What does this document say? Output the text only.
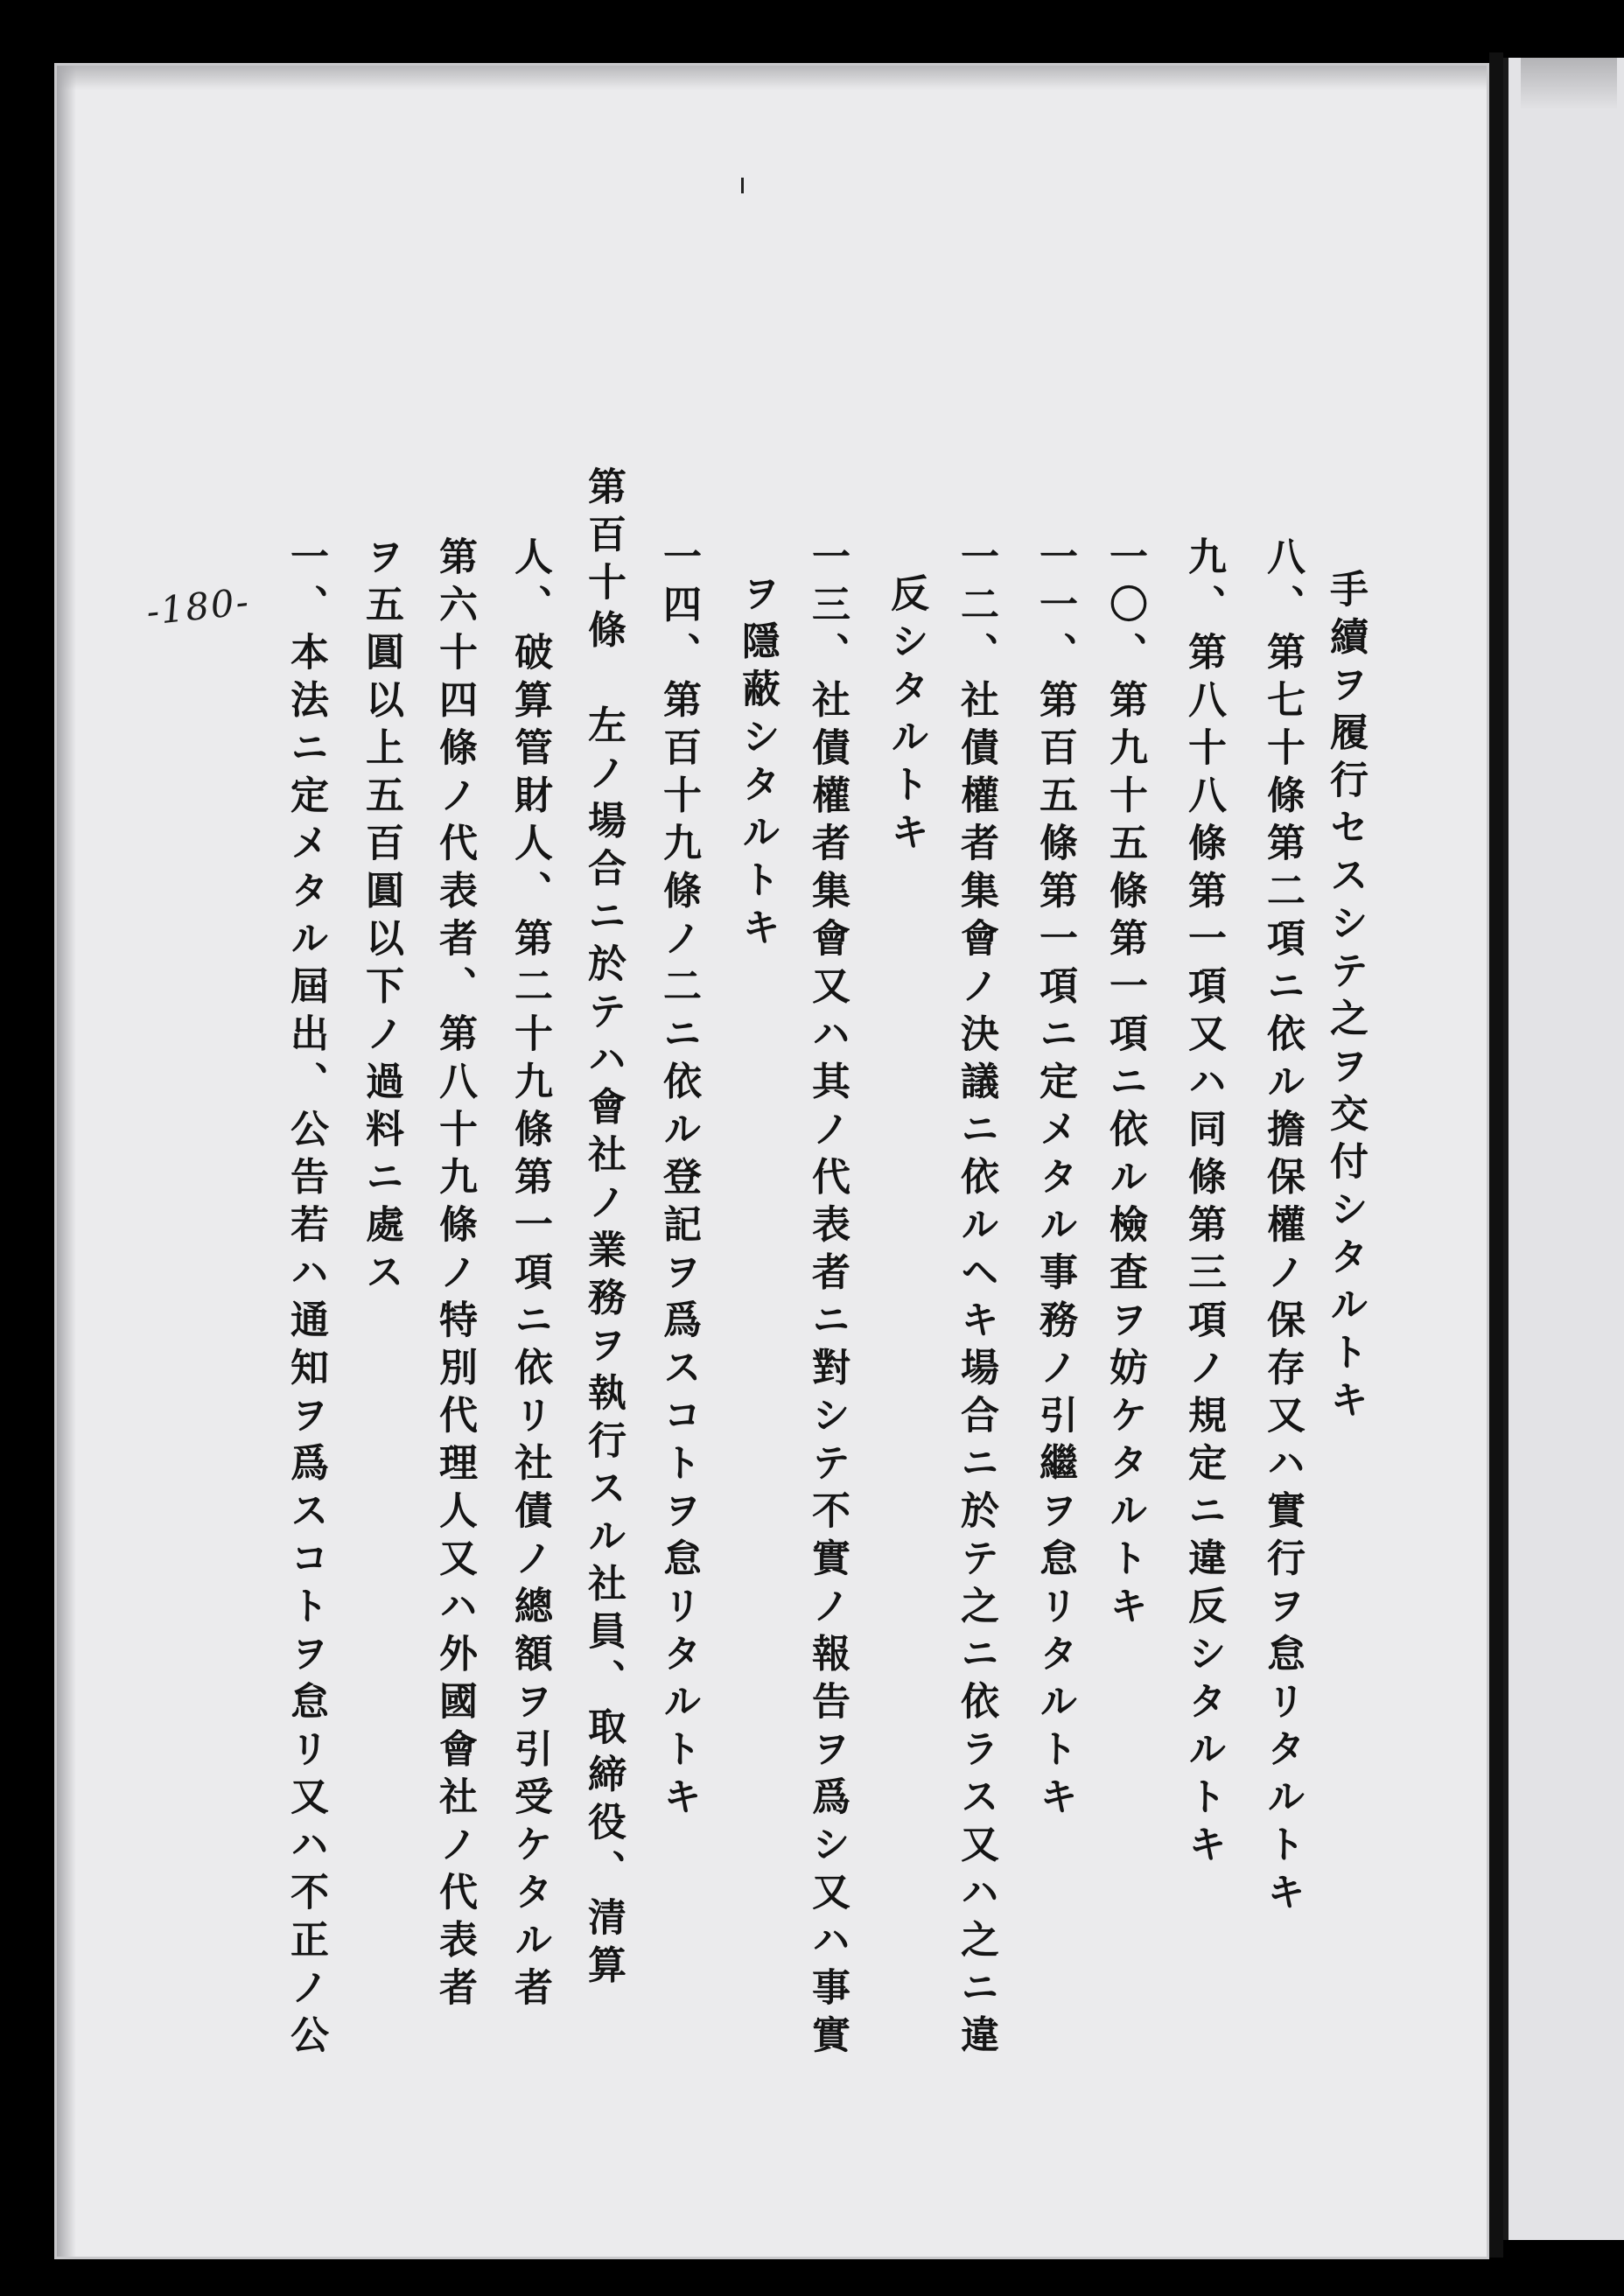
-180-	手續ヲ履行セスシテ之ヲ交付シタルトキ
八、第七十條第二項ニ依ル擔保權ノ保存又ハ實行ヲ怠リタルトキ
九、第八十八條第一項又ハ同條第三項ノ規定ニ違反シタルトキ
一〇、第九十五條第一項ニ依ル檢査ヲ妨ケタルトキ
一一、第百五條第一項ニ定メタル事務ノ引繼ヲ怠リタルトキ
一二、社債權者集會ノ決議ニ依ルヘキ場合ニ於テ之ニ依ラス又ハ之ニ違
反シタルトキ
一三、社債權者集會又ハ其ノ代表者ニ對シテ不實ノ報告ヲ爲シ又ハ事實
ヲ隱蔽シタルトキ
一四、第百十九條ノ二ニ依ル登記ヲ爲スコトヲ怠リタルトキ
第百十條　左ノ場合ニ於テハ會社ノ業務ヲ執行スル社員、取締役、清算
人、破算管財人、第二十九條第一項ニ依リ社債ノ總額ヲ引受ケタル者
第六十四條ノ代表者、第八十九條ノ特別代理人又ハ外國會社ノ代表者
ヲ五圓以上五百圓以下ノ過料ニ處ス
一、本法ニ定メタル屆出、公告若ハ通知ヲ爲スコトヲ怠リ又ハ不正ノ公
